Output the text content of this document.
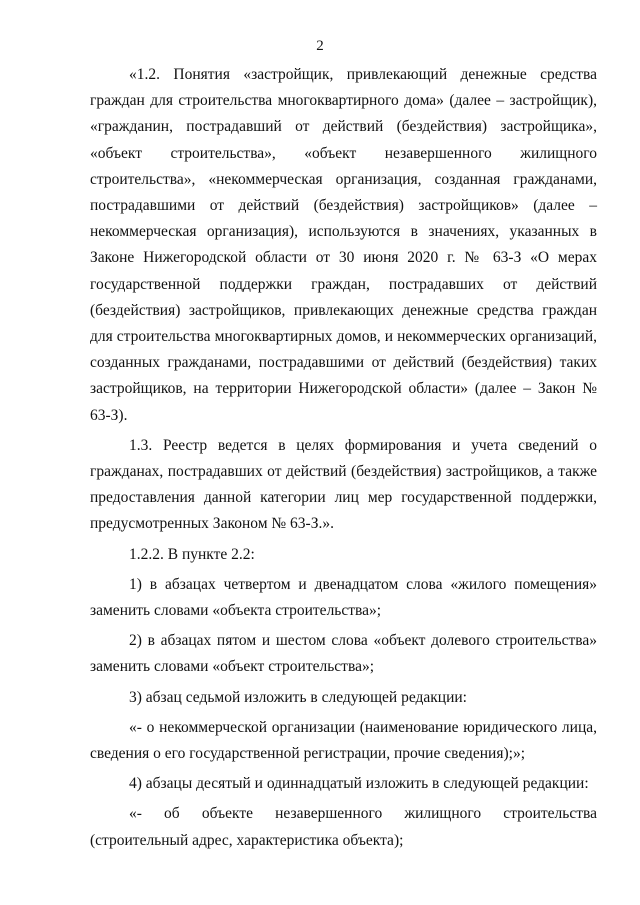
2

«1.2. Понятия «застройщик, привлекающий денежные средства граждан для строительства многоквартирного дома» (далее – застройщик), «гражданин, пострадавший от действий (бездействия) застройщика», «объект строительства», «объект незавершенного жилищного строительства», «некоммерческая организация, созданная гражданами, пострадавшими от действий (бездействия) застройщиков» (далее – некоммерческая организация), используются в значениях, указанных в Законе Нижегородской области от 30 июня 2020 г. № 63-З «О мерах государственной поддержки граждан, пострадавших от действий (бездействия) застройщиков, привлекающих денежные средства граждан для строительства многоквартирных домов, и некоммерческих организаций, созданных гражданами, пострадавшими от действий (бездействия) таких застройщиков, на территории Нижегородской области» (далее – Закон № 63-З).

1.3. Реестр ведется в целях формирования и учета сведений о гражданах, пострадавших от действий (бездействия) застройщиков, а также предоставления данной категории лиц мер государственной поддержки, предусмотренных Законом № 63-З.».

1.2.2. В пункте 2.2:

1) в абзацах четвертом и двенадцатом слова «жилого помещения» заменить словами «объекта строительства»;

2) в абзацах пятом и шестом слова «объект долевого строительства» заменить словами «объект строительства»;

3) абзац седьмой изложить в следующей редакции:

«- о некоммерческой организации (наименование юридического лица, сведения о его государственной регистрации, прочие сведения);»;

4) абзацы десятый и одиннадцатый изложить в следующей редакции:

«- об объекте незавершенного жилищного строительства (строительный адрес, характеристика объекта);
